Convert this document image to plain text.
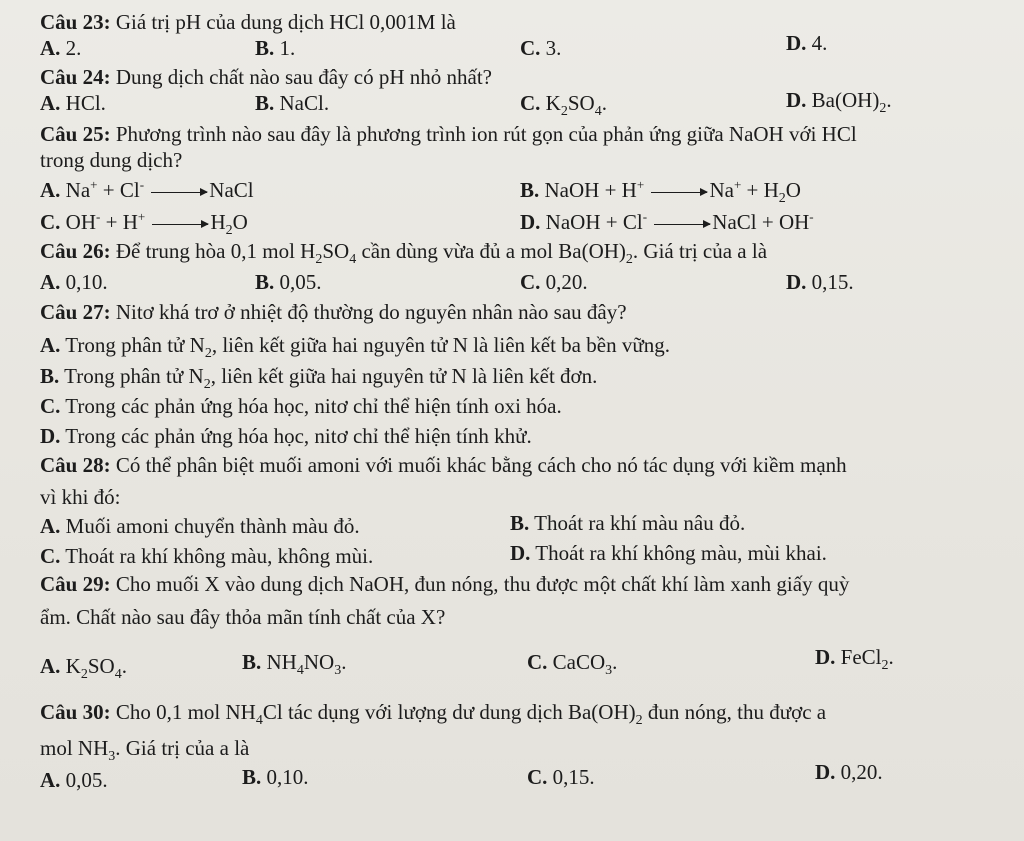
Câu 23: Giá trị pH của dung dịch HCl 0,001M là
A. 2.	B. 1.	C. 3.	D. 4.
Câu 24: Dung dịch chất nào sau đây có pH nhỏ nhất?
A. HCl.	B. NaCl.	C. $K_2SO_4$.	D. $Ba(OH)_2$.
Câu 25: Phương trình nào sau đây là phương trình ion rút gọn của phản ứng giữa NaOH với HCl
trong dung dịch?
A. Na+ + Cl-	NaCl	B. NaOH + H+	$Na^+ + H_2O$
C. OH- + H+	$H_2O$	D. NaOH + Cl-	NaCl + OH-
Câu 26: Để trung hòa 0,1 mol $H_2SO_4$ cần dùng vừa đủ a mol $Ba(OH)_2$. Giá trị của a là
A. 0,10.	B. 0,05.	C. 0,20.	D. 0,15.
Câu 27: Nitơ khá trơ ở nhiệt độ thường do nguyên nhân nào sau đây?
A. Trong phân tử $N_2$, liên kết giữa hai nguyên tử N là liên kết ba bền vững.
B. Trong phân tử $N_2$, liên kết giữa hai nguyên tử N là liên kết đơn.
C. Trong các phản ứng hóa học, nitơ chỉ thể hiện tính oxi hóa.
D. Trong các phản ứng hóa học, nitơ chỉ thể hiện tính khử.
Câu 28: Có thể phân biệt muối amoni với muối khác bằng cách cho nó tác dụng với kiềm mạnh
vì khi đó:
A. Muối amoni chuyển thành màu đỏ.	B. Thoát ra khí màu nâu đỏ.
C. Thoát ra khí không màu, không mùi.	D. Thoát ra khí không màu, mùi khai.
Câu 29: Cho muối X vào dung dịch NaOH, đun nóng, thu được một chất khí làm xanh giấy quỳ
ẩm. Chất nào sau đây thỏa mãn tính chất của X?
A. $K_2SO_4$.	B. $NH_4NO_3$.	C. CaCO$_3$.	D. FeCl$_2$.
Câu 30: Cho 0,1 mol $NH_4Cl$ tác dụng với lượng dư dung dịch $Ba(OH)_2$ đun nóng, thu được a
mol $NH_3$. Giá trị của a là
A. 0,05.	B. 0,10.	C. 0,15.	D. 0,20.
